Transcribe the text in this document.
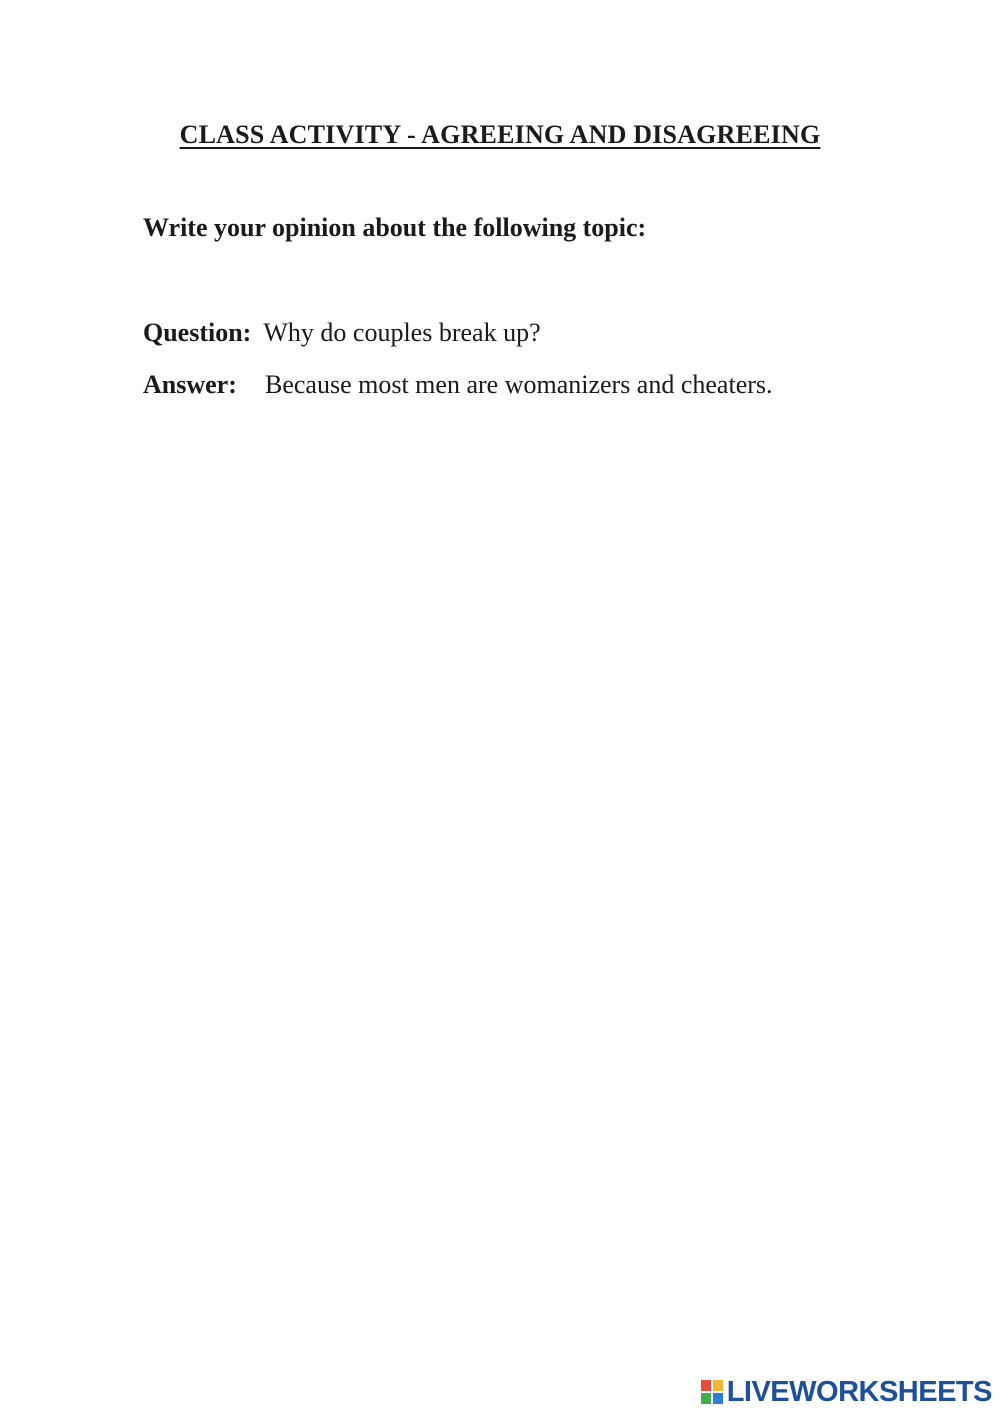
CLASS ACTIVITY - AGREEING AND DISAGREEING
Write your opinion about the following topic:
Question: Why do couples break up?
Answer: Because most men are womanizers and cheaters.
LIVEWORKSHEETS
